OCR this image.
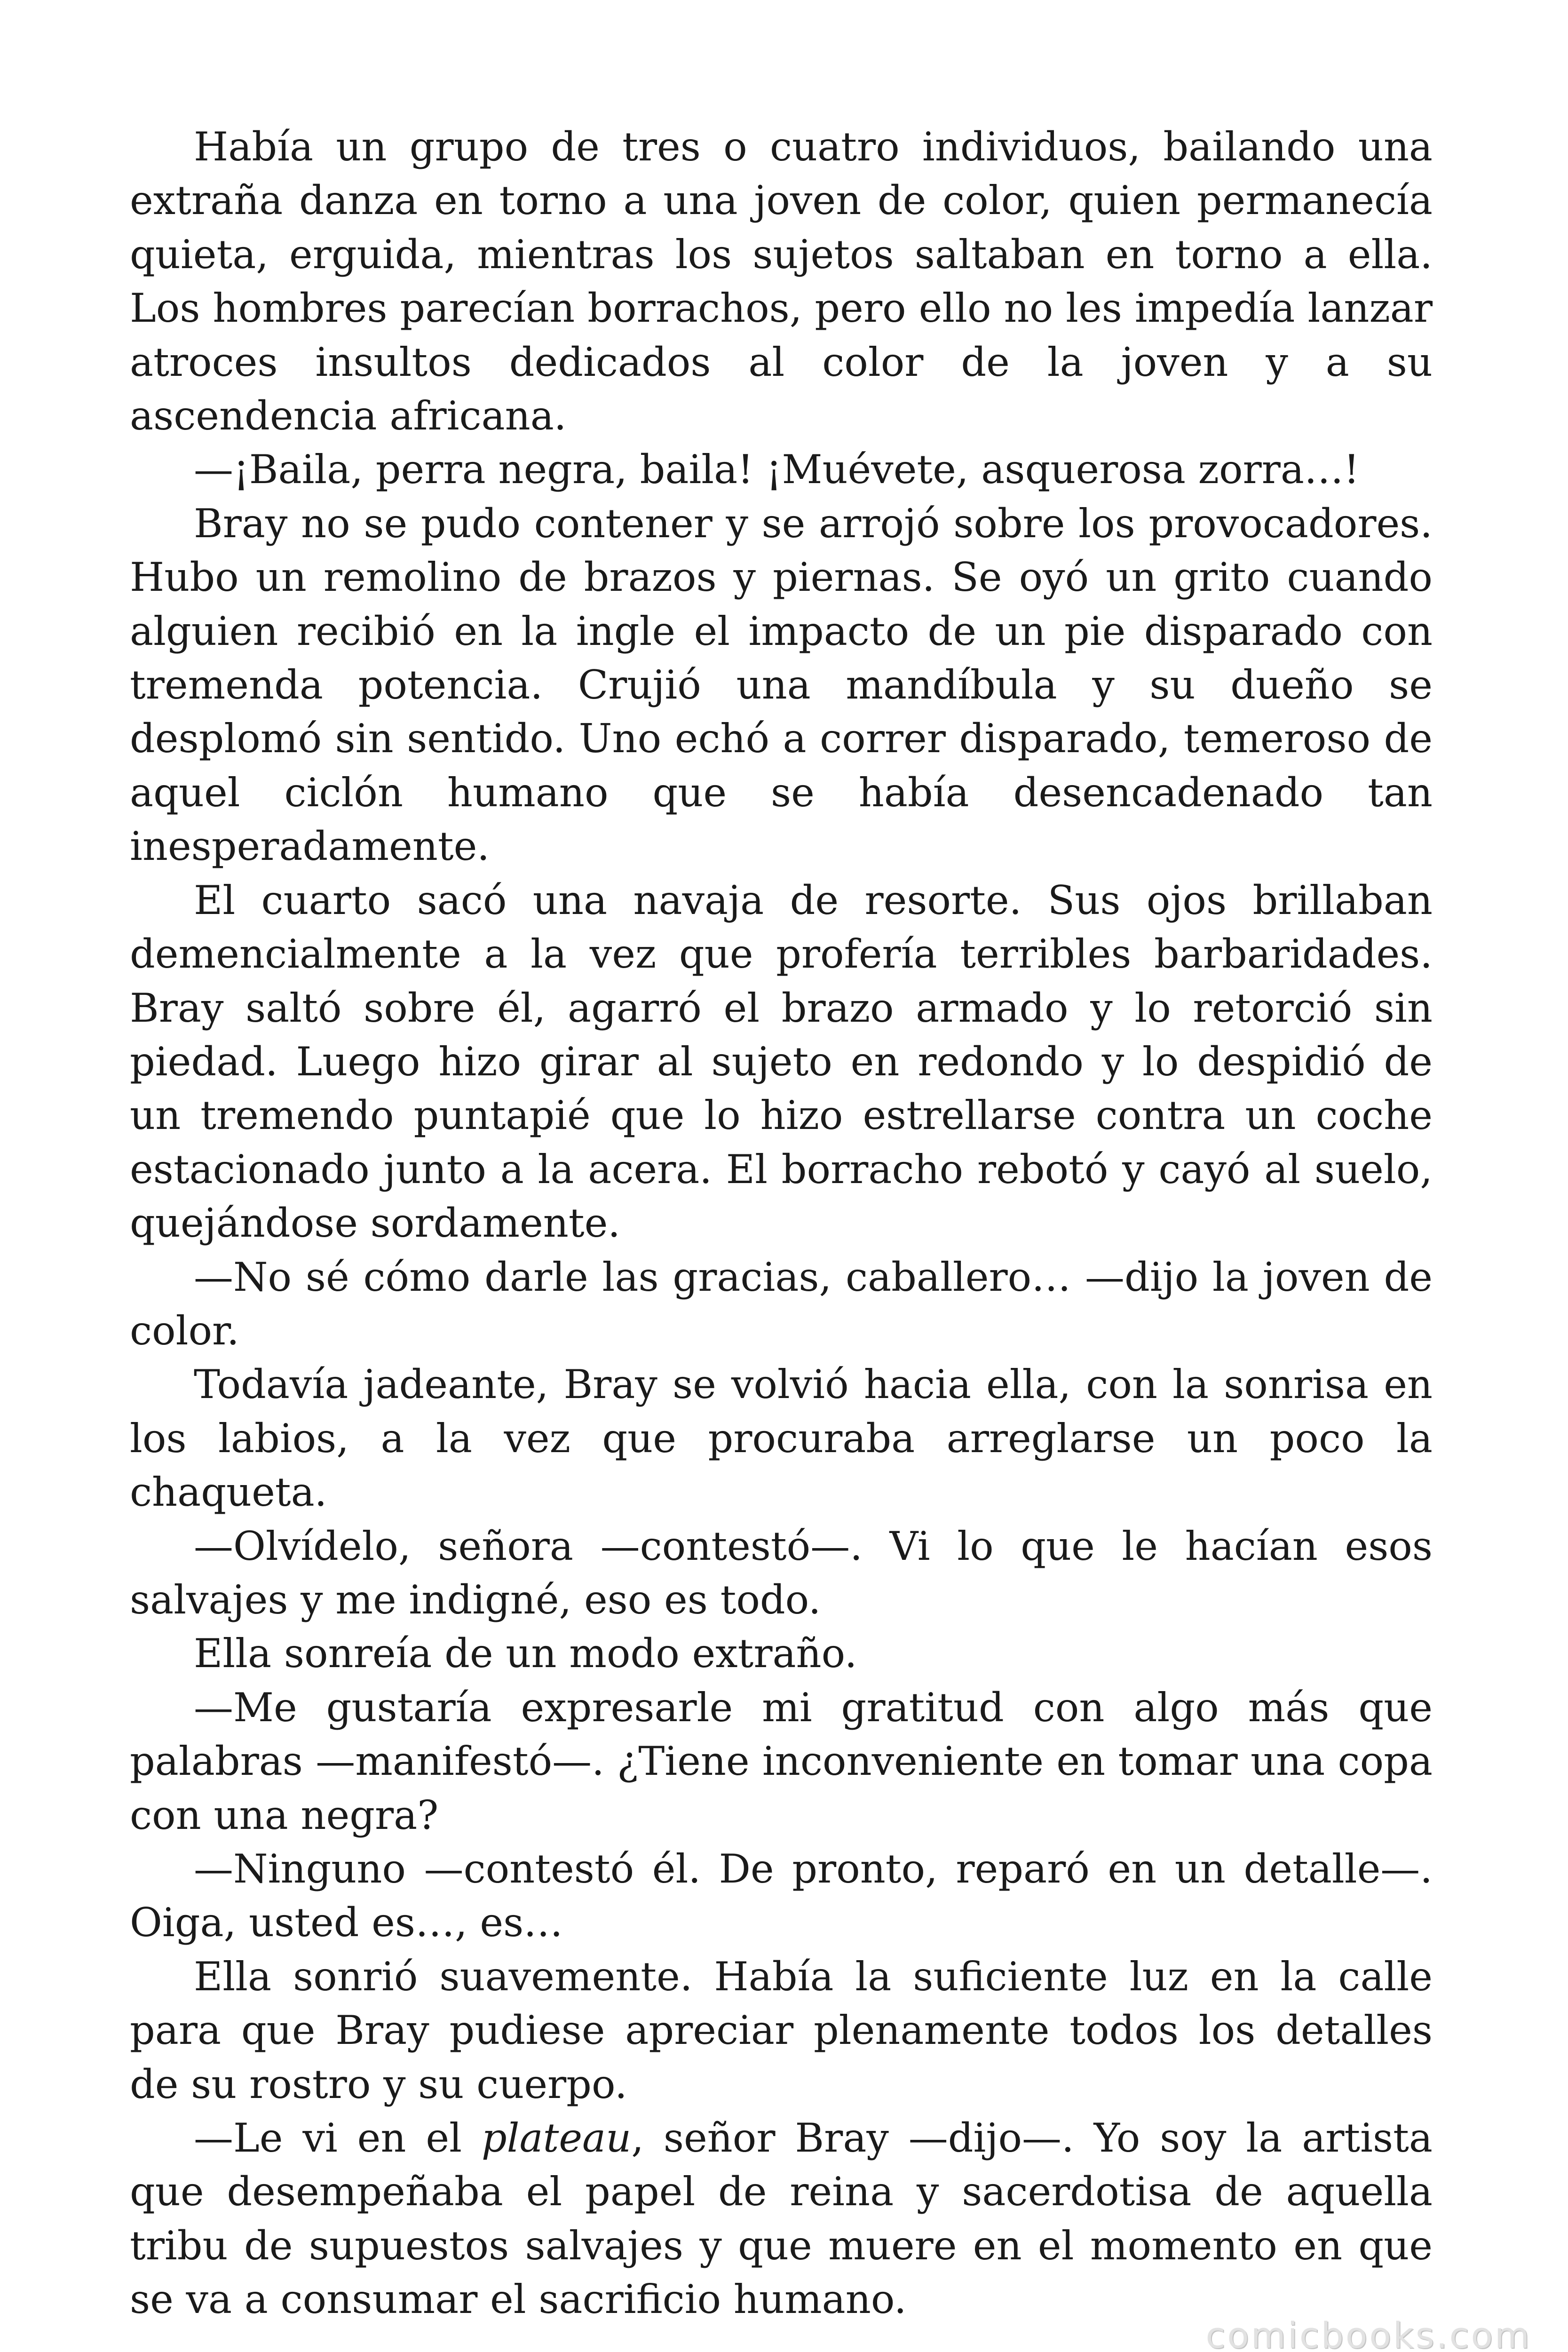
Había un grupo de tres o cuatro individuos, bailando una extraña danza en torno a una joven de color, quien permanecía quieta, erguida, mientras los sujetos saltaban en torno a ella. Los hombres parecían borrachos, pero ello no les impedía lanzar atroces insultos dedicados al color de la joven y a su ascendencia africana.

—¡Baila, perra negra, baila! ¡Muévete, asquerosa zorra…!

Bray no se pudo contener y se arrojó sobre los provocadores. Hubo un remolino de brazos y piernas. Se oyó un grito cuando alguien recibió en la ingle el impacto de un pie disparado con tremenda potencia. Crujió una mandíbula y su dueño se desplomó sin sentido. Uno echó a correr disparado, temeroso de aquel ciclón humano que se había desencadenado tan inesperadamente.

El cuarto sacó una navaja de resorte. Sus ojos brillaban demencialmente a la vez que profería terribles barbaridades. Bray saltó sobre él, agarró el brazo armado y lo retorció sin piedad. Luego hizo girar al sujeto en redondo y lo despidió de un tremendo puntapié que lo hizo estrellarse contra un coche estacionado junto a la acera. El borracho rebotó y cayó al suelo, quejándose sordamente.

—No sé cómo darle las gracias, caballero… —dijo la joven de color.

Todavía jadeante, Bray se volvió hacia ella, con la sonrisa en los labios, a la vez que procuraba arreglarse un poco la chaqueta.

—Olvídelo, señora —contestó—. Vi lo que le hacían esos salvajes y me indigné, eso es todo.

Ella sonreía de un modo extraño.

—Me gustaría expresarle mi gratitud con algo más que palabras —manifestó—. ¿Tiene inconveniente en tomar una copa con una negra?

—Ninguno —contestó él. De pronto, reparó en un detalle—. Oiga, usted es…, es…

Ella sonrió suavemente. Había la suficiente luz en la calle para que Bray pudiese apreciar plenamente todos los detalles de su rostro y su cuerpo.

—Le vi en el plateau, señor Bray —dijo—. Yo soy la artista que desempeñaba el papel de reina y sacerdotisa de aquella tribu de supuestos salvajes y que muere en el momento en que se va a consumar el sacrificio humano.

comicbooks.com
